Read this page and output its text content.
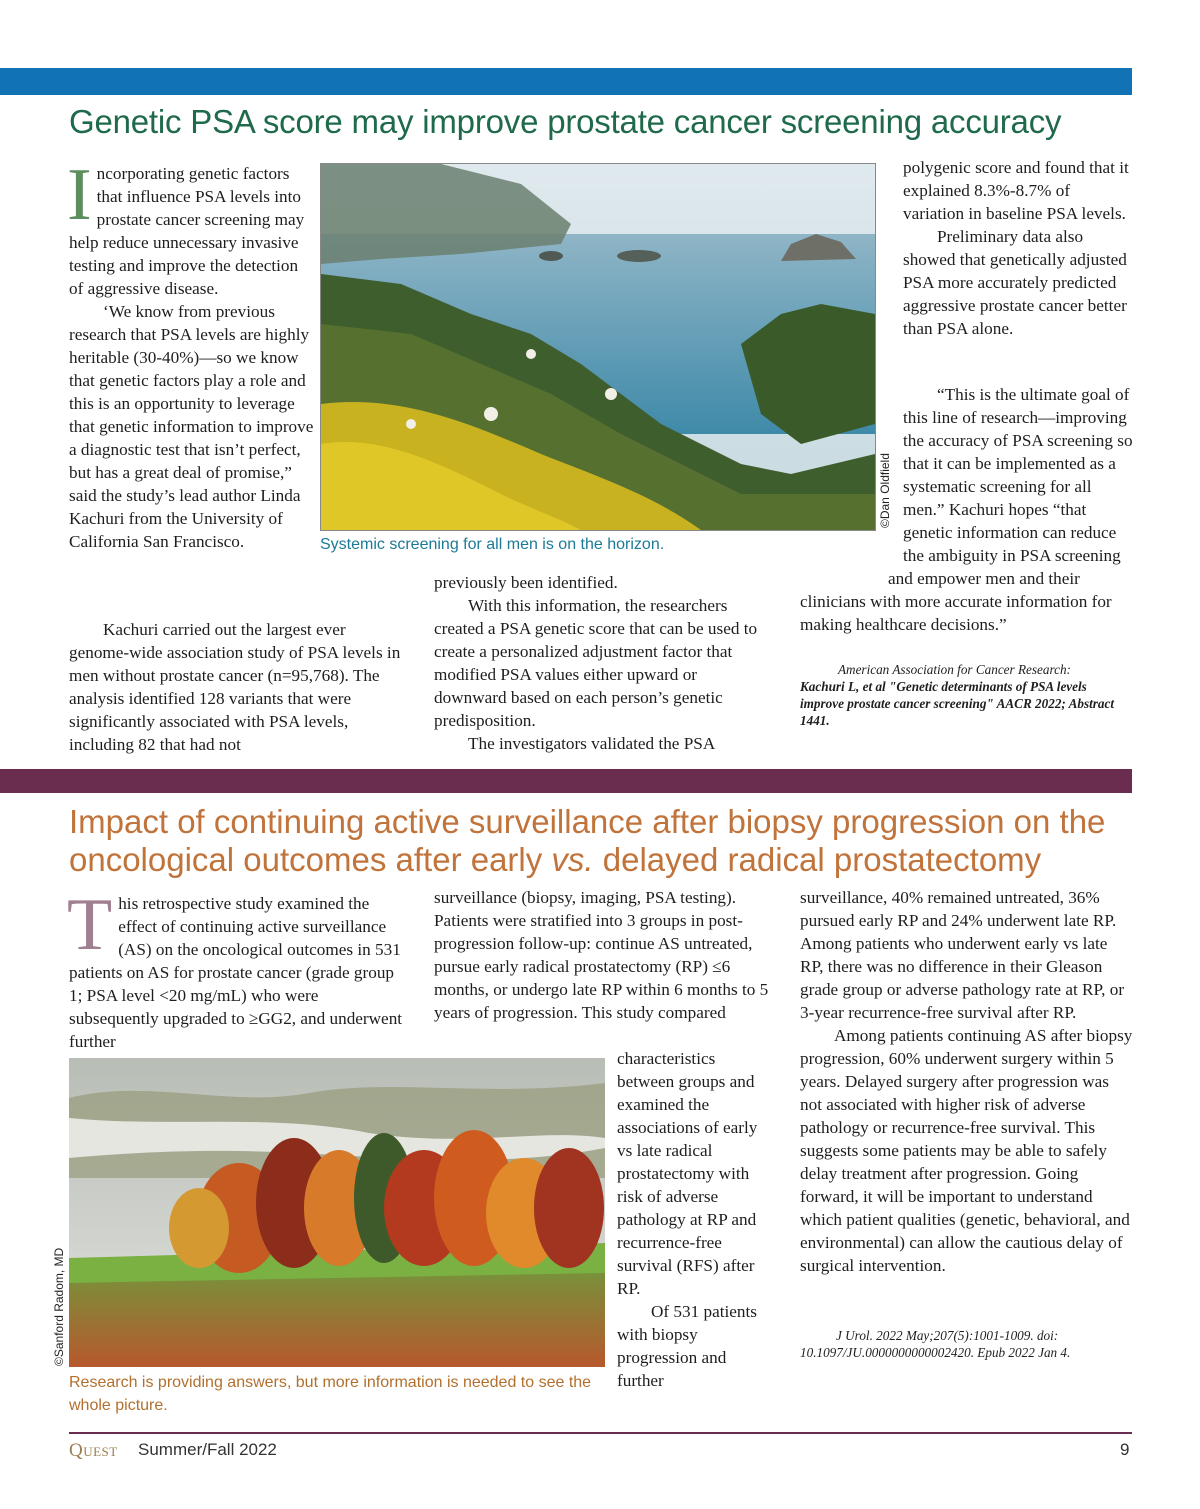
Genetic PSA score may improve prostate cancer screening accuracy

Incorporating genetic factors that influence PSA levels into prostate cancer screening may help reduce unnecessary invasive testing and improve the detection of aggressive disease.

‘We know from previous research that PSA levels are highly heritable (30-40%)—so we know that genetic factors play a role and this is an opportunity to leverage that genetic information to improve a diagnostic test that isn’t perfect, but has a great deal of promise,” said the study’s lead author Linda Kachuri from the University of California San Francisco.

Kachuri carried out the largest ever genome-wide association study of PSA levels in men without prostate cancer (n=95,768). The analysis identified 128 variants that were significantly associated with PSA levels, including 82 that had not

©Dan Oldfield
Systemic screening for all men is on the horizon.

previously been identified.

With this information, the researchers created a PSA genetic score that can be used to create a personalized adjustment factor that modified PSA values either upward or downward based on each person’s genetic predisposition.

The investigators validated the PSA

polygenic score and found that it explained 8.3%-8.7% of variation in baseline PSA levels.

Preliminary data also showed that genetically adjusted PSA more accurately predicted aggressive prostate cancer better than PSA alone.

“This is the ultimate goal of this line of research—improving the accuracy of PSA screening so that it can be implemented as a systematic screening for all men.” Kachuri hopes “that genetic information can reduce the ambiguity in PSA screening and empower men and their clinicians with more accurate information for making healthcare decisions.”

American Association for Cancer Research:
Kachuri L, et al "Genetic determinants of PSA levels improve prostate cancer screening" AACR 2022; Abstract 1441.
Impact of continuing active surveillance after biopsy progression on the oncological outcomes after early vs. delayed radical prostatectomy

This retrospective study examined the effect of continuing active surveillance (AS) on the oncological outcomes in 531 patients on AS for prostate cancer (grade group 1; PSA level <20 mg/mL) who were subsequently upgraded to ≥GG2, and underwent further

©Sanford Radom, MD
Research is providing answers, but more information is needed to see the whole picture.

surveillance (biopsy, imaging, PSA testing). Patients were stratified into 3 groups in post-progression follow-up: continue AS untreated, pursue early radical prostatectomy (RP) ≤6 months, or undergo late RP within 6 months to 5 years of progression. This study compared

characteristics between groups and examined the associations of early vs late radical prostatectomy with risk of adverse pathology at RP and recurrence-free survival (RFS) after RP.

Of 531 patients with biopsy progression and further

surveillance, 40% remained untreated, 36% pursued early RP and 24% underwent late RP. Among patients who underwent early vs late RP, there was no difference in their Gleason grade group or adverse pathology rate at RP, or 3-year recurrence-free survival after RP.

Among patients continuing AS after biopsy progression, 60% underwent surgery within 5 years. Delayed surgery after progression was not associated with higher risk of adverse pathology or recurrence-free survival. This suggests some patients may be able to safely delay treatment after progression. Going forward, it will be important to understand which patient qualities (genetic, behavioral, and environmental) can allow the cautious delay of surgical intervention.

J Urol. 2022 May;207(5):1001-1009. doi: 10.1097/JU.0000000000002420. Epub 2022 Jan 4.
Quest Summer/Fall 2022	9
